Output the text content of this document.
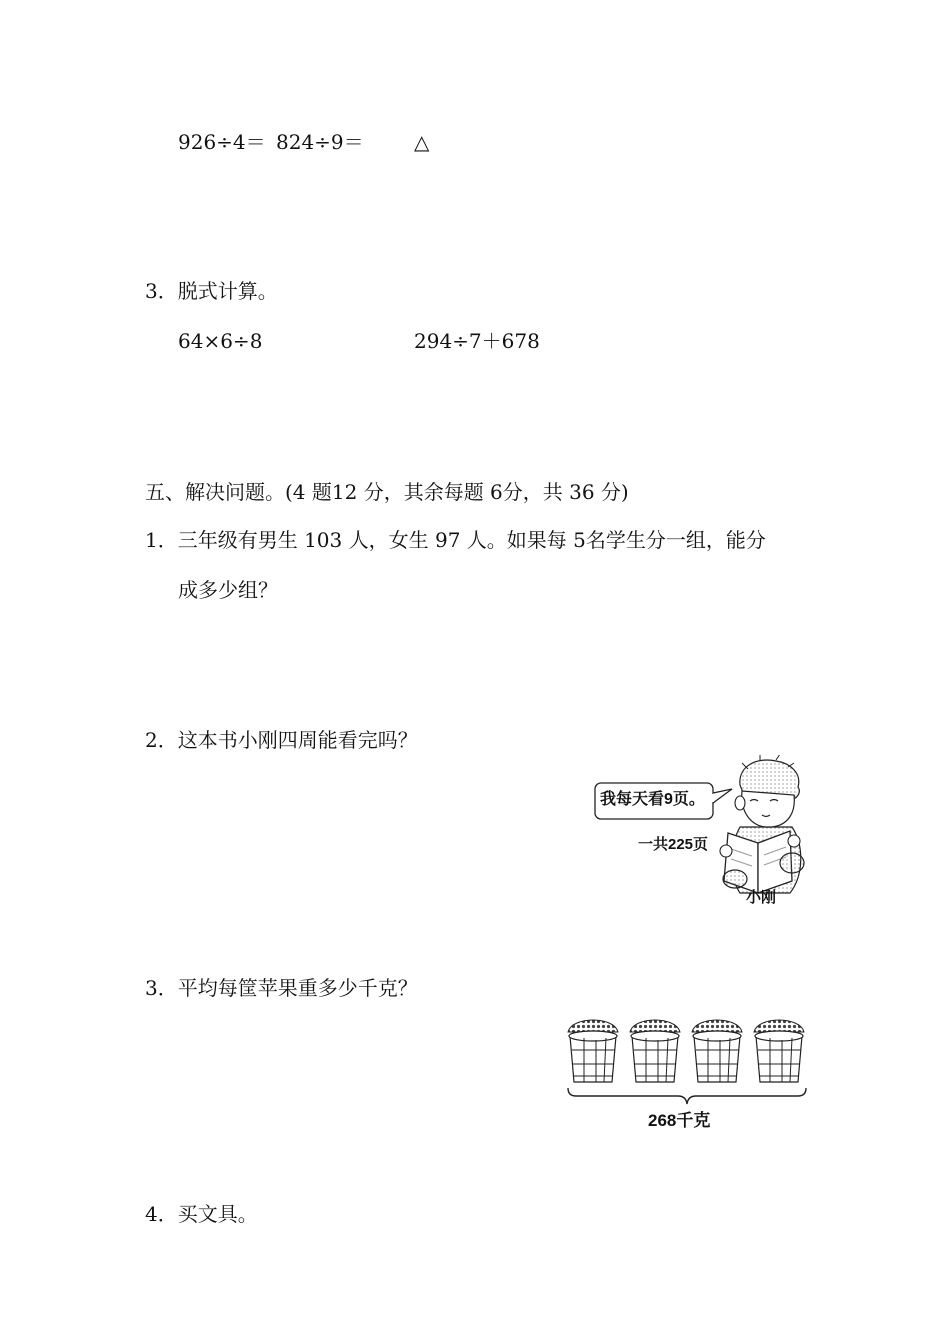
926÷4＝ 824÷9＝	△
3．脱式计算。
64×6÷8	294÷7＋678
五、解决问题。(4 题12 分，其余每题 6分，共 36 分)
1．三年级有男生 103 人，女生 97 人。如果每 5名学生分一组，能分
成多少组？
2．这本书小刚四周能看完吗？
3．平均每筐苹果重多少千克？
4．买文具。
我每天看9页。
一共225页
小刚
268千克
